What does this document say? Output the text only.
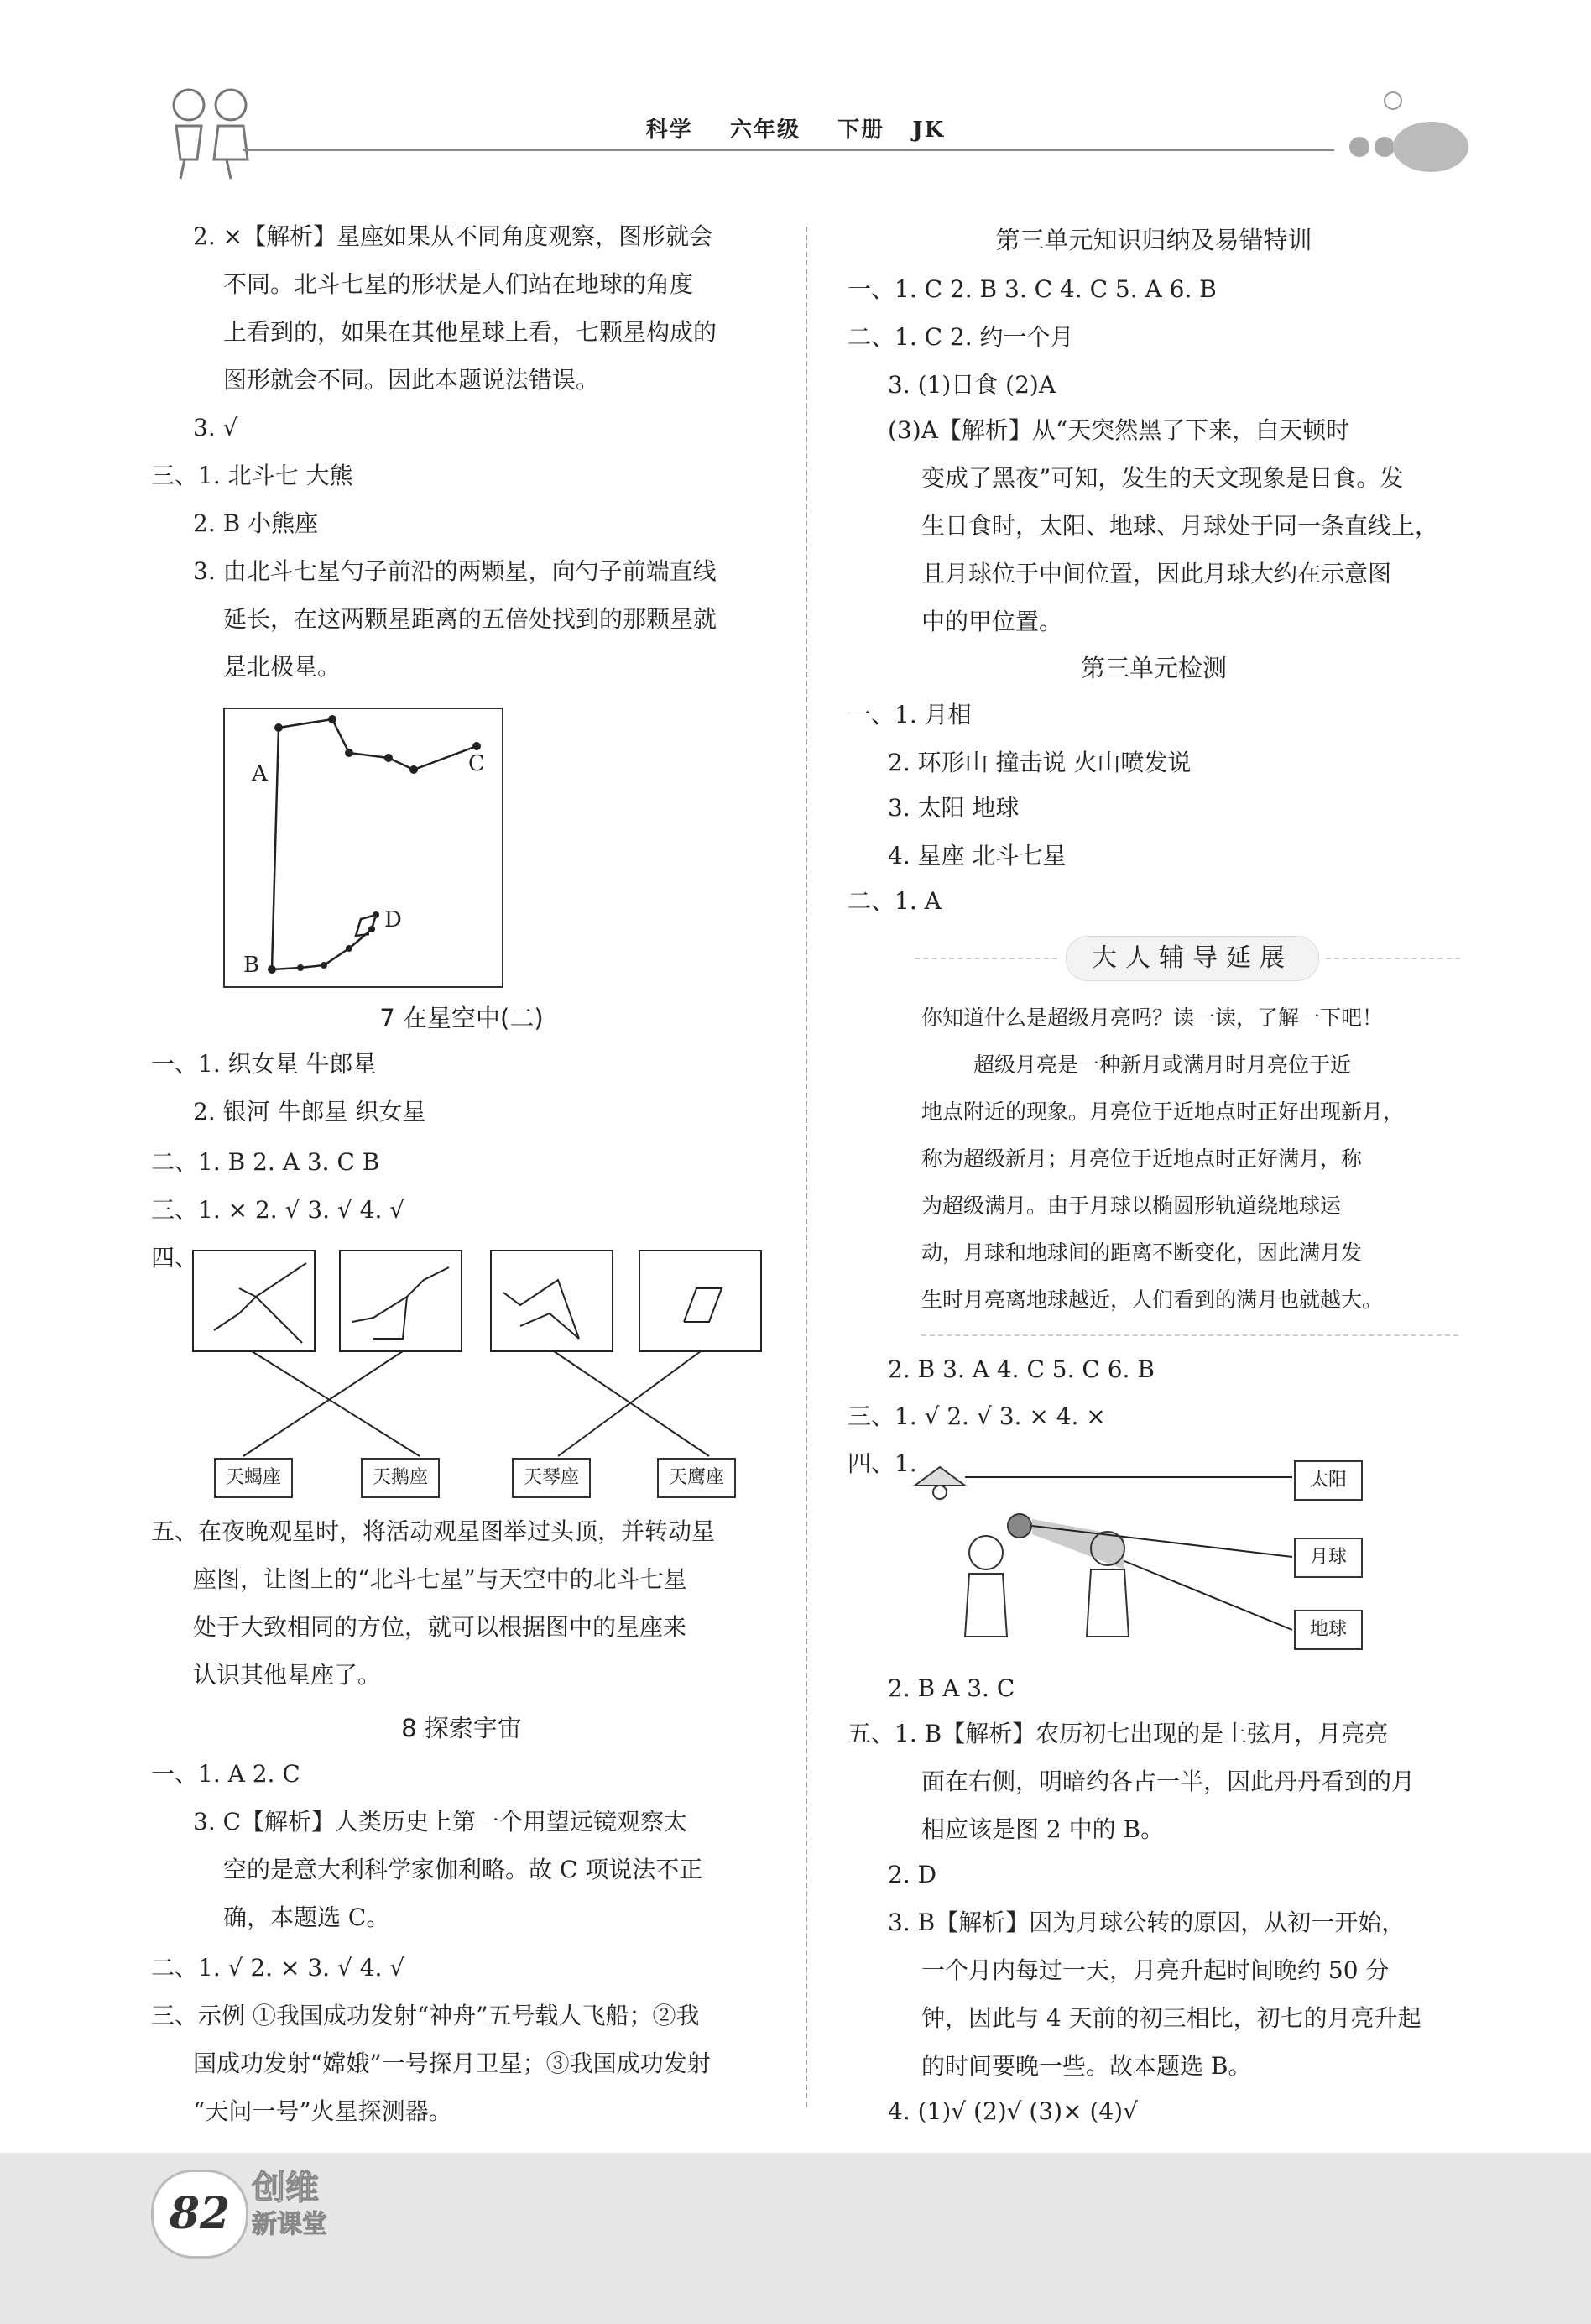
科学 六年级 下册 JK
2. ×【解析】星座如果从不同角度观察，图形就会
不同。北斗七星的形状是人们站在地球的角度
上看到的，如果在其他星球上看，七颗星构成的
图形就会不同。因此本题说法错误。
3. √
三、1. 北斗七 大熊
2. B 小熊座
3. 由北斗七星勺子前沿的两颗星，向勺子前端直线
延长，在这两颗星距离的五倍处找到的那颗星就
是北极星。
A	C
D
B
7 在星空中(二)
一、1. 织女星 牛郎星
2. 银河 牛郎星 织女星
二、1. B 2. A 3. C B
三、1. × 2. √ 3. √ 4. √
四、
天蝎座	天鹅座	天琴座	天鹰座
五、在夜晚观星时，将活动观星图举过头顶，并转动星
座图，让图上的“北斗七星”与天空中的北斗七星
处于大致相同的方位，就可以根据图中的星座来
认识其他星座了。
8 探索宇宙
一、1. A 2. C
3. C【解析】人类历史上第一个用望远镜观察太
空的是意大利科学家伽利略。故 C 项说法不正
确，本题选 C。
二、1. √ 2. × 3. √ 4. √
三、示例 ①我国成功发射“神舟”五号载人飞船；②我
国成功发射“嫦娥”一号探月卫星；③我国成功发射
“天问一号”火星探测器。
第三单元知识归纳及易错特训
一、1. C 2. B 3. C 4. C 5. A 6. B
二、1. C 2. 约一个月
3. (1)日食 (2)A
(3)A【解析】从“天突然黑了下来，白天顿时
变成了黑夜”可知，发生的天文现象是日食。发
生日食时，太阳、地球、月球处于同一条直线上，
且月球位于中间位置，因此月球大约在示意图
中的甲位置。
第三单元检测
一、1. 月相
2. 环形山 撞击说 火山喷发说
3. 太阳 地球
4. 星座 北斗七星
二、1. A
大人辅导延展
你知道什么是超级月亮吗？读一读，了解一下吧！
超级月亮是一种新月或满月时月亮位于近
地点附近的现象。月亮位于近地点时正好出现新月，
称为超级新月；月亮位于近地点时正好满月，称
为超级满月。由于月球以椭圆形轨道绕地球运
动，月球和地球间的距离不断变化，因此满月发
生时月亮离地球越近，人们看到的满月也就越大。
2. B 3. A 4. C 5. C 6. B
三、1. √ 2. √ 3. × 4. ×
四、1.
太阳
月球
地球
2. B A 3. C
五、1. B【解析】农历初七出现的是上弦月，月亮亮
面在右侧，明暗约各占一半，因此丹丹看到的月
相应该是图 2 中的 B。
2. D
3. B【解析】因为月球公转的原因，从初一开始，
一个月内每过一天，月亮升起时间晚约 50 分
钟，因此与 4 天前的初三相比，初七的月亮升起
的时间要晚一些。故本题选 B。
4. (1)√ (2)√ (3)× (4)√
82 创维
新课堂
